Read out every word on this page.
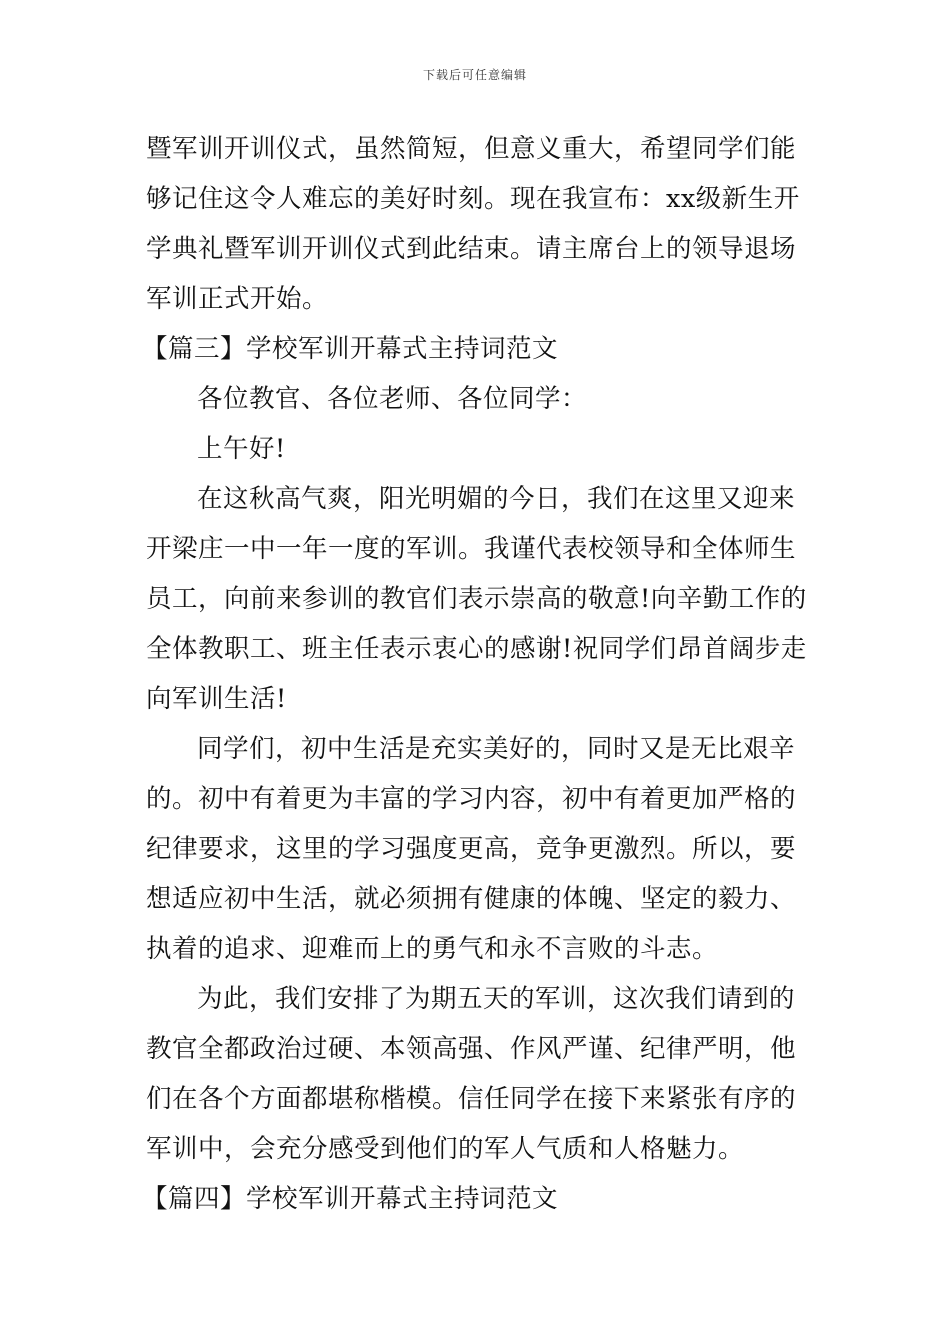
下载后可任意编辑
暨军训开训仪式，虽然简短，但意义重大，希望同学们能
够记住这令人难忘的美好时刻。现在我宣布：xx级新生开
学典礼暨军训开训仪式到此结束。请主席台上的领导退场
军训正式开始。
【篇三】学校军训开幕式主持词范文
各位教官、各位老师、各位同学：
上午好!
在这秋高气爽，阳光明媚的今日，我们在这里又迎来
开梁庄一中一年一度的军训。我谨代表校领导和全体师生
员工，向前来参训的教官们表示崇高的敬意!向辛勤工作的
全体教职工、班主任表示衷心的感谢!祝同学们昂首阔步走
向军训生活!
同学们，初中生活是充实美好的，同时又是无比艰辛
的。初中有着更为丰富的学习内容，初中有着更加严格的
纪律要求，这里的学习强度更高，竞争更激烈。所以，要
想适应初中生活，就必须拥有健康的体魄、坚定的毅力、
执着的追求、迎难而上的勇气和永不言败的斗志。
为此，我们安排了为期五天的军训，这次我们请到的
教官全都政治过硬、本领高强、作风严谨、纪律严明，他
们在各个方面都堪称楷模。信任同学在接下来紧张有序的
军训中，会充分感受到他们的军人气质和人格魅力。
【篇四】学校军训开幕式主持词范文
